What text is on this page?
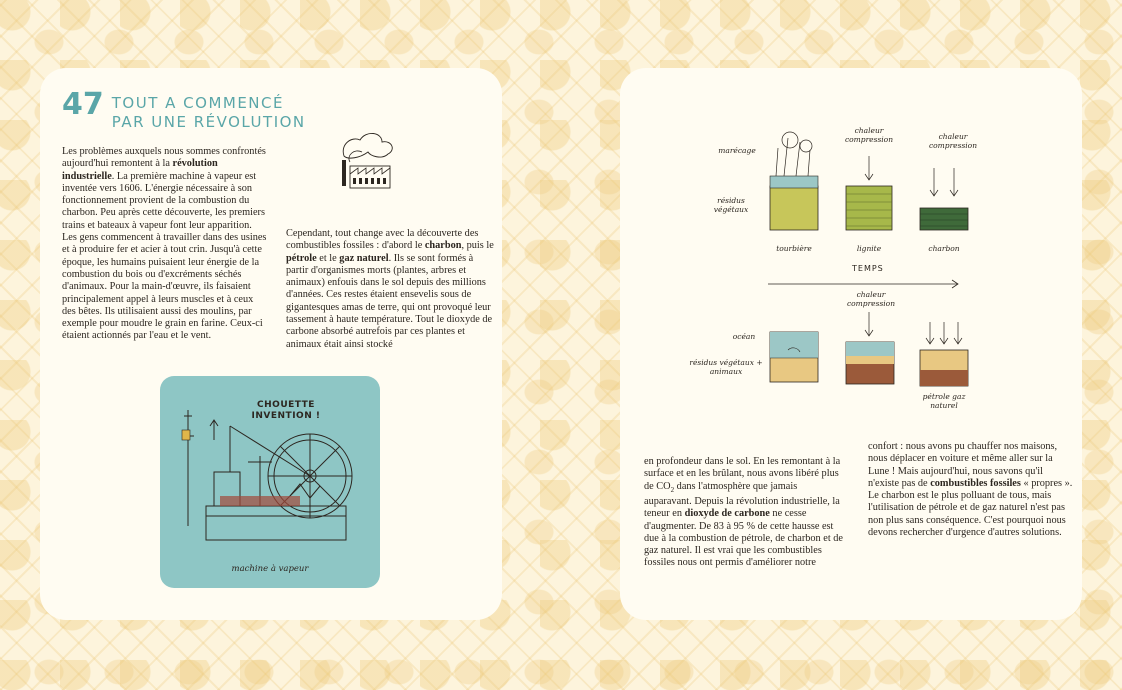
47 TOUT A COMMENCÉ
PAR UNE RÉVOLUTION

Les problèmes auxquels nous sommes confrontés aujourd'hui remontent à la révolution industrielle. La première machine à vapeur est inventée vers 1606. L'énergie nécessaire à son fonctionnement provient de la combustion du charbon. Peu après cette découverte, les premiers trains et bateaux à vapeur font leur apparition. Les gens commencent à travailler dans des usines et à produire fer et acier à tout crin. Jusqu'à cette époque, les humains puisaient leur énergie de la combustion du bois ou d'excréments séchés d'animaux. Pour la main-d'œuvre, ils faisaient principalement appel à leurs muscles et à ceux des bêtes. Ils utilisaient aussi des moulins, par exemple pour moudre le grain en farine. Ceux-ci étaient actionnés par l'eau et le vent.

Cependant, tout change avec la découverte des combustibles fossiles : d'abord le charbon, puis le pétrole et le gaz naturel. Ils se sont formés à partir d'organismes morts (plantes, arbres et animaux) enfouis dans le sol depuis des millions d'années. Ces restes étaient ensevelis sous de gigantesques amas de terre, qui ont provoqué leur tassement à haute température. Tout le dioxyde de carbone absorbé autrefois par ces plantes et animaux était ainsi stocké

CHOUETTE INVENTION !
machine à vapeur
marécage
résidus végétaux
chaleur compression	chaleur compression
tourbière	lignite	charbon
TEMPS
chaleur compression
océan
résidus végétaux + animaux
pétrole gaz naturel

en profondeur dans le sol. En les remontant à la surface et en les brûlant, nous avons libéré plus de $CO_2$ dans l'atmosphère que jamais auparavant. Depuis la révolution industrielle, la teneur en dioxyde de carbone ne cesse d'augmenter. De 83 à 95 % de cette hausse est due à la combustion de pétrole, de charbon et de gaz naturel. Il est vrai que les combustibles fossiles nous ont permis d'améliorer notre

confort : nous avons pu chauffer nos maisons, nous déplacer en voiture et même aller sur la Lune ! Mais aujourd'hui, nous savons qu'il n'existe pas de combustibles fossiles « propres ». Le charbon est le plus polluant de tous, mais l'utilisation de pétrole et de gaz naturel n'est pas non plus sans conséquence. C'est pourquoi nous devons rechercher d'urgence d'autres solutions.
